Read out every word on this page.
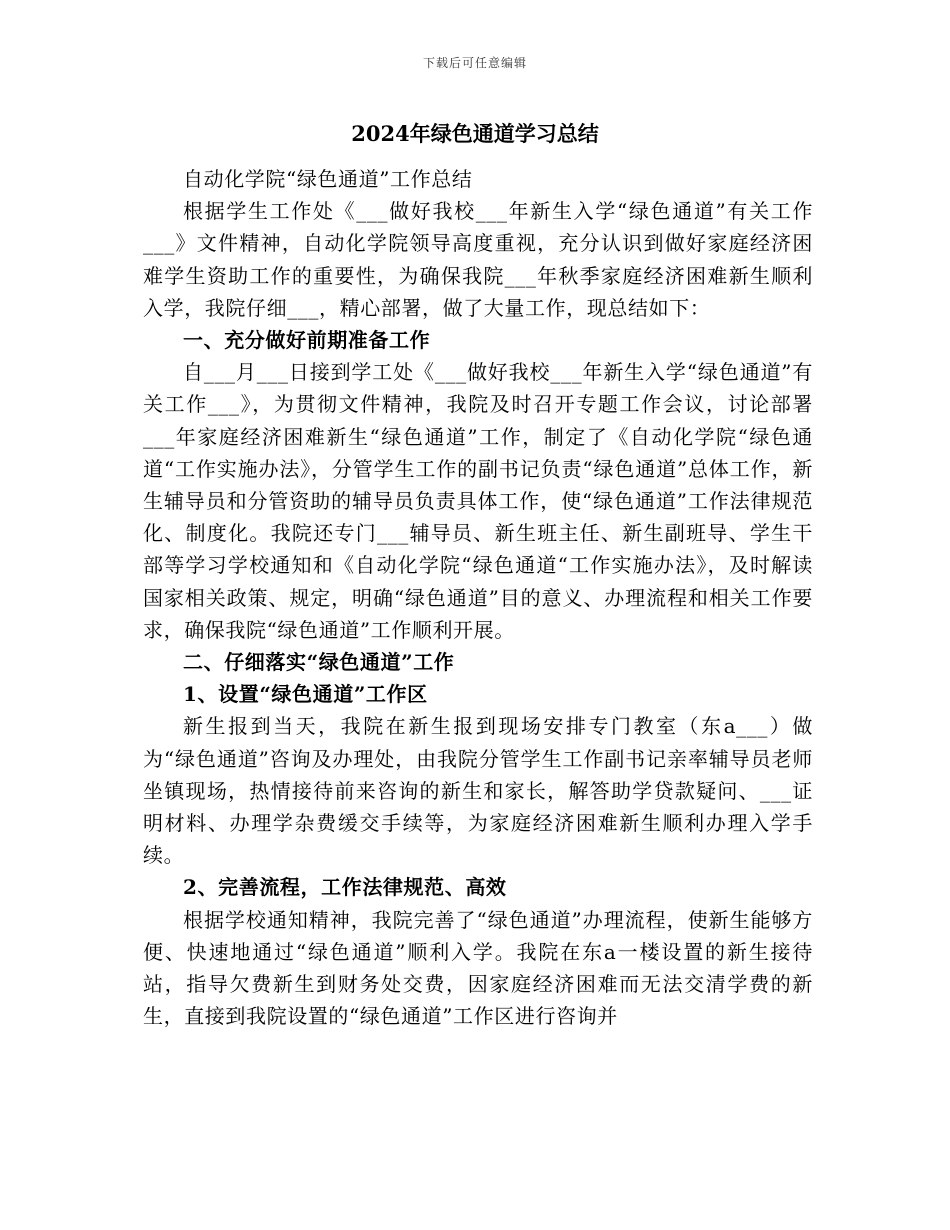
下载后可任意编辑
2024年绿色通道学习总结

自动化学院“绿色通道”工作总结

根据学生工作处《___做好我校___年新生入学“绿色通道”有关工作___》文件精神，自动化学院领导高度重视，充分认识到做好家庭经济困难学生资助工作的重要性，为确保我院___年秋季家庭经济困难新生顺利入学，我院仔细___，精心部署，做了大量工作，现总结如下：

一、充分做好前期准备工作

自___月___日接到学工处《___做好我校___年新生入学“绿色通道”有关工作___》，为贯彻文件精神，我院及时召开专题工作会议，讨论部署___年家庭经济困难新生“绿色通道”工作，制定了《自动化学院“绿色通道“工作实施办法》，分管学生工作的副书记负责“绿色通道”总体工作，新生辅导员和分管资助的辅导员负责具体工作，使“绿色通道”工作法律规范化、制度化。我院还专门___辅导员、新生班主任、新生副班导、学生干部等学习学校通知和《自动化学院“绿色通道“工作实施办法》，及时解读国家相关政策、规定，明确“绿色通道”目的意义、办理流程和相关工作要求，确保我院“绿色通道”工作顺利开展。

二、仔细落实“绿色通道”工作

1、设置“绿色通道”工作区

新生报到当天，我院在新生报到现场安排专门教室（东a___）做为“绿色通道”咨询及办理处，由我院分管学生工作副书记亲率辅导员老师坐镇现场，热情接待前来咨询的新生和家长，解答助学贷款疑问、___证明材料、办理学杂费缓交手续等，为家庭经济困难新生顺利办理入学手续。

2、完善流程，工作法律规范、高效

根据学校通知精神，我院完善了“绿色通道”办理流程，使新生能够方便、快速地通过“绿色通道”顺利入学。我院在东a一楼设置的新生接待站，指导欠费新生到财务处交费，因家庭经济困难而无法交清学费的新生，直接到我院设置的“绿色通道”工作区进行咨询并
